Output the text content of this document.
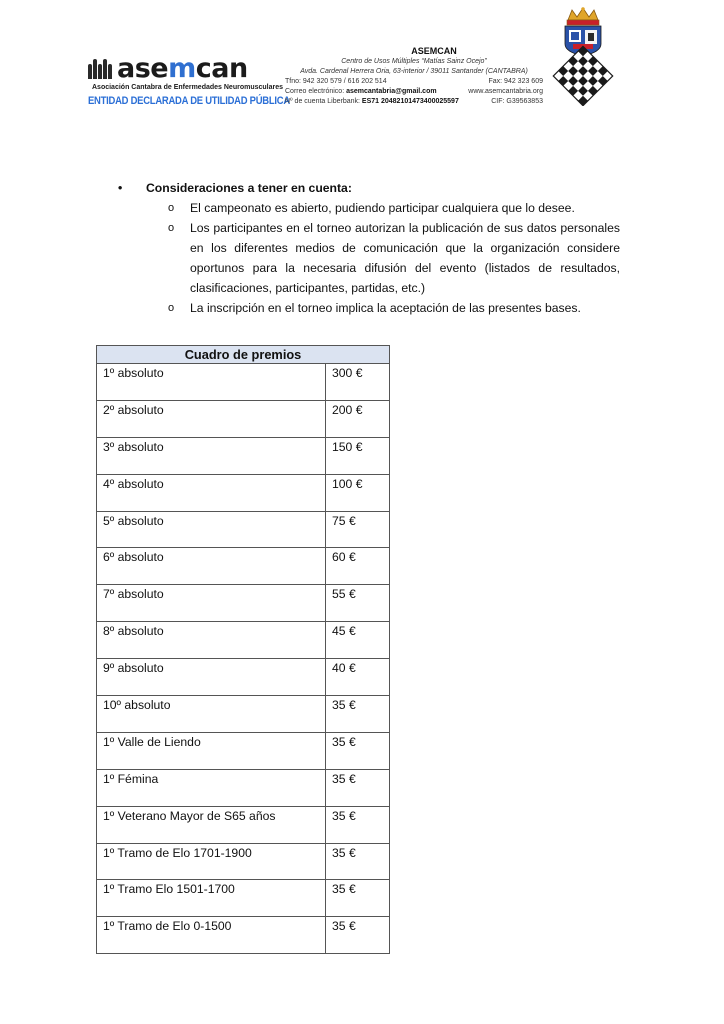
asemcan
Asociación Cantabra de Enfermedades Neuromusculares
ENTIDAD DECLARADA DE UTILIDAD PÚBLICA
ASEMCAN
Centro de Usos Múltiples “Matías Sainz Ocejo”
Avda. Cardenal Herrera Oria, 63-interior / 39011 Santander (CANTABRA)
Tfno: 942 320 579 / 616 202 514	Fax: 942 323 609
Correo electrónico: asemcantabria@gmail.com	www.asemcantabria.org
Nº de cuenta Liberbank: ES71 20482101473400025597	CIF: G39563853
•	Consideraciones a tener en cuenta:
o	El campeonato es abierto, pudiendo participar cualquiera que lo desee.
o	Los participantes en el torneo autorizan la publicación de sus datos personales en los diferentes medios de comunicación que la organización considere oportunos para la necesaria difusión del evento (listados de resultados, clasificaciones, participantes, partidas, etc.)
o	La inscripción en el torneo implica la aceptación de las presentes bases.
Cuadro de premios	
1º absoluto	300 €
2º absoluto	200 €
3º absoluto	150 €
4º absoluto	100 €
5º absoluto	75 €
6º absoluto	60 €
7º absoluto	55 €
8º absoluto	45 €
9º absoluto	40 €
10º absoluto	35 €
1º Valle de Liendo	35 €
1º Fémina	35 €
1º Veterano Mayor de S65 años	35 €
1º Tramo de Elo 1701-1900	35 €
1º Tramo Elo 1501-1700	35 €
1º Tramo de Elo 0-1500	35 €
